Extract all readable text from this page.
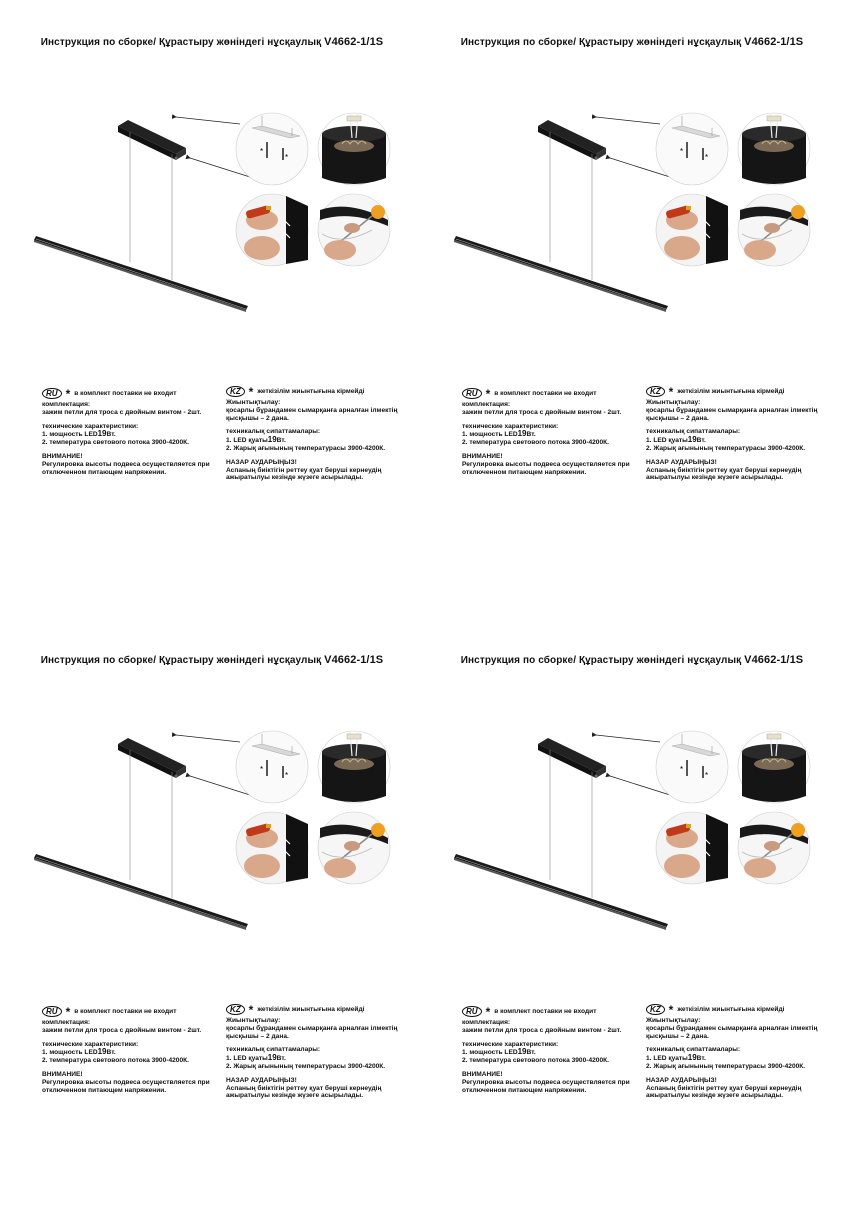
Инструкция по сборке/ Құрастыру жөніндегі нұсқаулық V4662-1/1S
*
*
RU * в комплект поставки не входит
комплектация:
зажим петли для троса с двойным винтом - 2шт.
технические характеристики:
1. мощность LED19Вт.
2. температура светового потока 3900-4200К.
ВНИМАНИЕ!
Регулировка высоты подвеса осуществляется при отключенном питающем напряжении.
KZ * жеткізілім жиынтығына кірмейді
Жиынтықтылау:
қосарлы бұрандамен сымарқанға арналған ілмектің қысқышы – 2 дана.
техникалық сипаттамалары:
1. LED қуаты19Вт.
2. Жарық ағынының температурасы 3900-4200К.
НАЗАР АУДАРЫҢЫЗ!
Аспаның биіктігін реттеу қуат беруші кернеудің ажыратылуы кезінде жүзеге асырылады.
Инструкция по сборке/ Құрастыру жөніндегі нұсқаулық V4662-1/1S
*
*
RU * в комплект поставки не входит
комплектация:
зажим петли для троса с двойным винтом - 2шт.
технические характеристики:
1. мощность LED19Вт.
2. температура светового потока 3900-4200К.
ВНИМАНИЕ!
Регулировка высоты подвеса осуществляется при отключенном питающем напряжении.
KZ * жеткізілім жиынтығына кірмейді
Жиынтықтылау:
қосарлы бұрандамен сымарқанға арналған ілмектің қысқышы – 2 дана.
техникалық сипаттамалары:
1. LED қуаты19Вт.
2. Жарық ағынының температурасы 3900-4200К.
НАЗАР АУДАРЫҢЫЗ!
Аспаның биіктігін реттеу қуат беруші кернеудің ажыратылуы кезінде жүзеге асырылады.
Инструкция по сборке/ Құрастыру жөніндегі нұсқаулық V4662-1/1S
*
*
RU * в комплект поставки не входит
комплектация:
зажим петли для троса с двойным винтом - 2шт.
технические характеристики:
1. мощность LED19Вт.
2. температура светового потока 3900-4200К.
ВНИМАНИЕ!
Регулировка высоты подвеса осуществляется при отключенном питающем напряжении.
KZ * жеткізілім жиынтығына кірмейді
Жиынтықтылау:
қосарлы бұрандамен сымарқанға арналған ілмектің қысқышы – 2 дана.
техникалық сипаттамалары:
1. LED қуаты19Вт.
2. Жарық ағынының температурасы 3900-4200К.
НАЗАР АУДАРЫҢЫЗ!
Аспаның биіктігін реттеу қуат беруші кернеудің ажыратылуы кезінде жүзеге асырылады.
Инструкция по сборке/ Құрастыру жөніндегі нұсқаулық V4662-1/1S
*
*
RU * в комплект поставки не входит
комплектация:
зажим петли для троса с двойным винтом - 2шт.
технические характеристики:
1. мощность LED19Вт.
2. температура светового потока 3900-4200К.
ВНИМАНИЕ!
Регулировка высоты подвеса осуществляется при отключенном питающем напряжении.
KZ * жеткізілім жиынтығына кірмейді
Жиынтықтылау:
қосарлы бұрандамен сымарқанға арналған ілмектің қысқышы – 2 дана.
техникалық сипаттамалары:
1. LED қуаты19Вт.
2. Жарық ағынының температурасы 3900-4200К.
НАЗАР АУДАРЫҢЫЗ!
Аспаның биіктігін реттеу қуат беруші кернеудің ажыратылуы кезінде жүзеге асырылады.
